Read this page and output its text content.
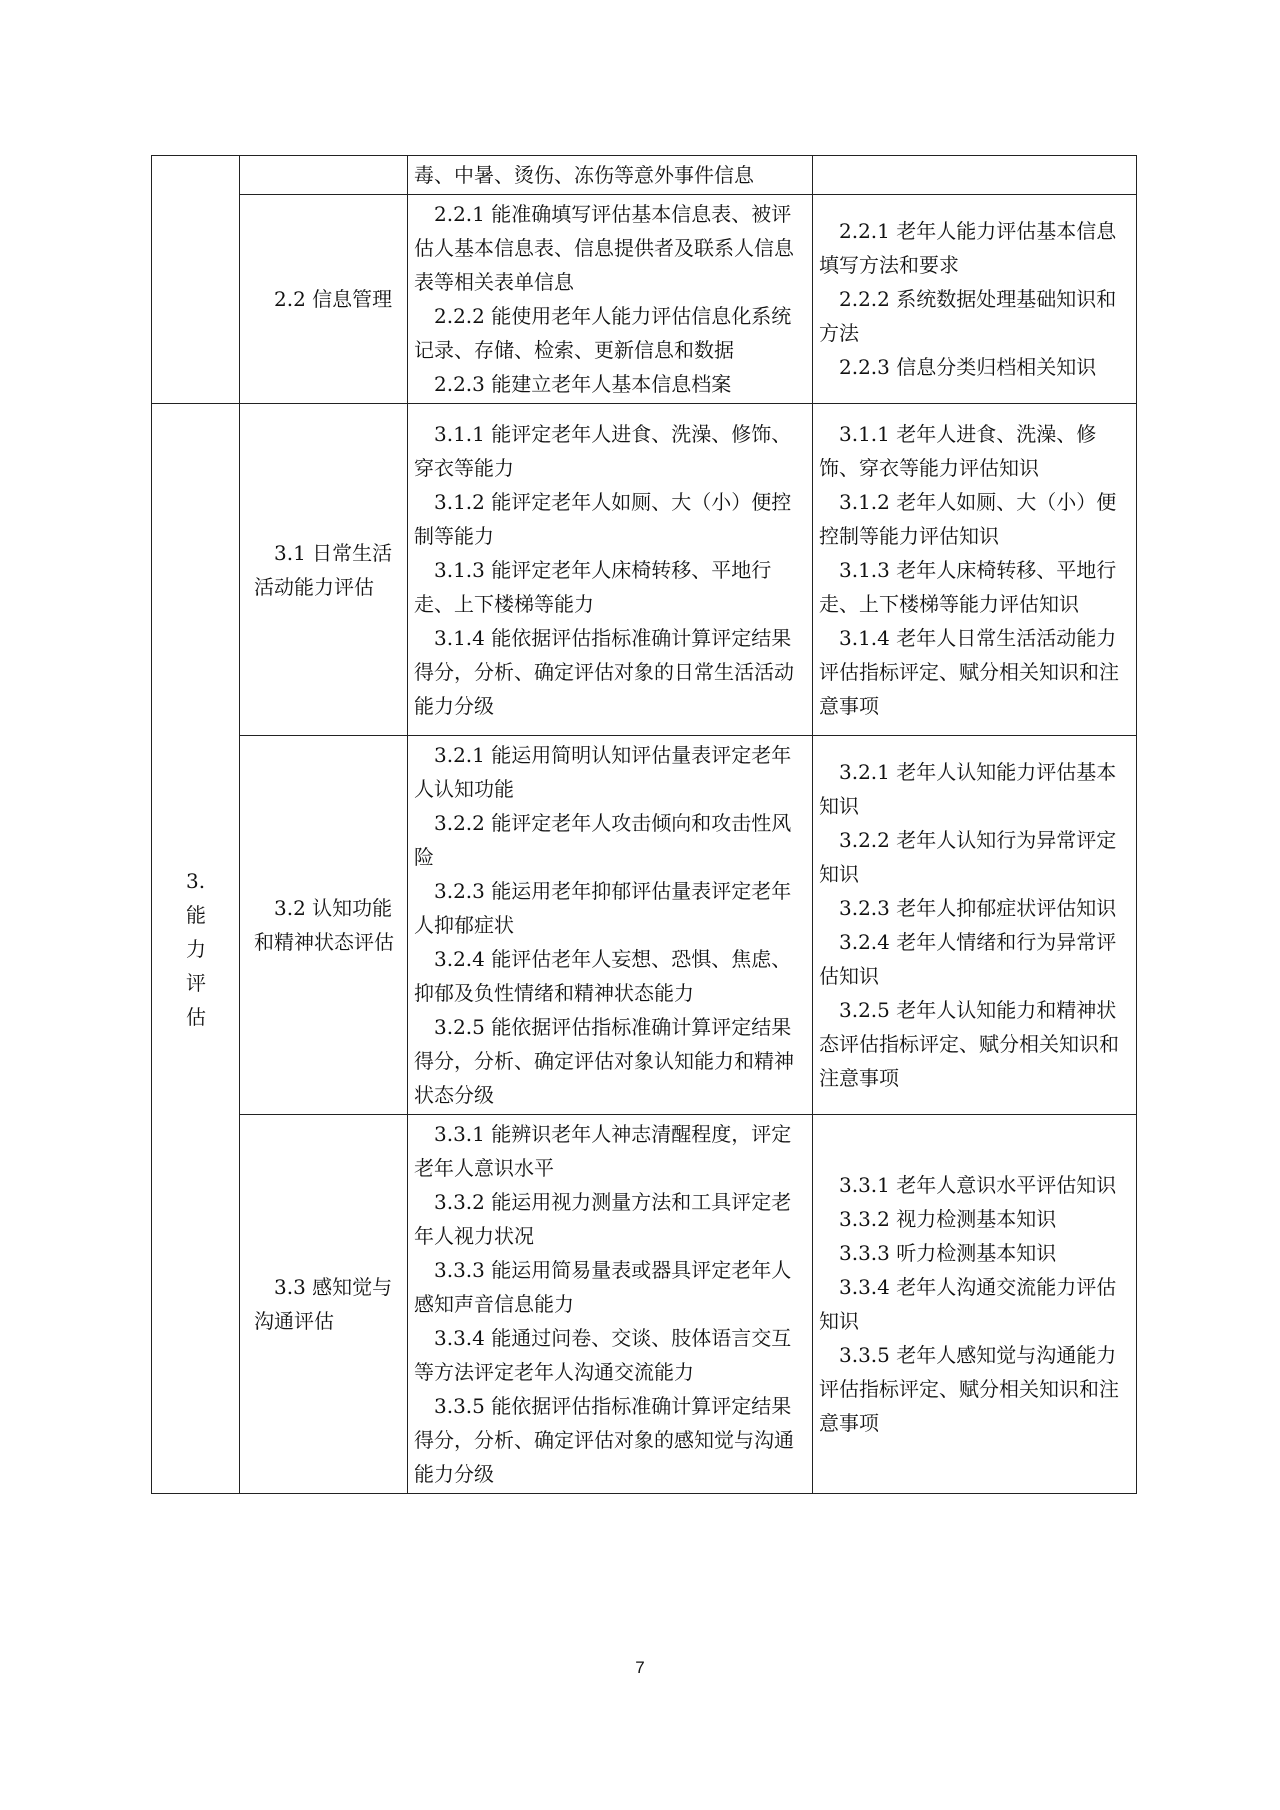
		毒、中暑、烫伤、冻伤等意外事件信息	

	2.2 信息管理	2.2.1 能准确填写评估基本信息表、被评估人基本信息表、信息提供者及联系人信息表等相关表单信息
2.2.2 能使用老年人能力评估信息化系统记录、存储、检索、更新信息和数据
2.2.3 能建立老年人基本信息档案	2.2.1 老年人能力评估基本信息填写方法和要求
2.2.2 系统数据处理基础知识和方法
2.2.3 信息分类归档相关知识

3.
能
力
评
估	3.1 日常生活活动能力评估	3.1.1 能评定老年人进食、洗澡、修饰、穿衣等能力
3.1.2 能评定老年人如厕、大（小）便控制等能力
3.1.3 能评定老年人床椅转移、平地行走、上下楼梯等能力
3.1.4 能依据评估指标准确计算评定结果得分，分析、确定评估对象的日常生活活动能力分级	3.1.1 老年人进食、洗澡、修饰、穿衣等能力评估知识
3.1.2 老年人如厕、大（小）便控制等能力评估知识
3.1.3 老年人床椅转移、平地行走、上下楼梯等能力评估知识
3.1.4 老年人日常生活活动能力评估指标评定、赋分相关知识和注意事项

	3.2 认知功能和精神状态评估	3.2.1 能运用简明认知评估量表评定老年人认知功能
3.2.2 能评定老年人攻击倾向和攻击性风险
3.2.3 能运用老年抑郁评估量表评定老年人抑郁症状
3.2.4 能评估老年人妄想、恐惧、焦虑、抑郁及负性情绪和精神状态能力
3.2.5 能依据评估指标准确计算评定结果得分，分析、确定评估对象认知能力和精神状态分级	3.2.1 老年人认知能力评估基本知识
3.2.2 老年人认知行为异常评定知识
3.2.3 老年人抑郁症状评估知识
3.2.4 老年人情绪和行为异常评估知识
3.2.5 老年人认知能力和精神状态评估指标评定、赋分相关知识和注意事项

	3.3 感知觉与沟通评估	3.3.1 能辨识老年人神志清醒程度，评定老年人意识水平
3.3.2 能运用视力测量方法和工具评定老年人视力状况
3.3.3 能运用简易量表或器具评定老年人感知声音信息能力
3.3.4 能通过问卷、交谈、肢体语言交互等方法评定老年人沟通交流能力
3.3.5 能依据评估指标准确计算评定结果得分，分析、确定评估对象的感知觉与沟通能力分级	3.3.1 老年人意识水平评估知识
3.3.2 视力检测基本知识
3.3.3 听力检测基本知识
3.3.4 老年人沟通交流能力评估知识
3.3.5 老年人感知觉与沟通能力评估指标评定、赋分相关知识和注意事项
7
